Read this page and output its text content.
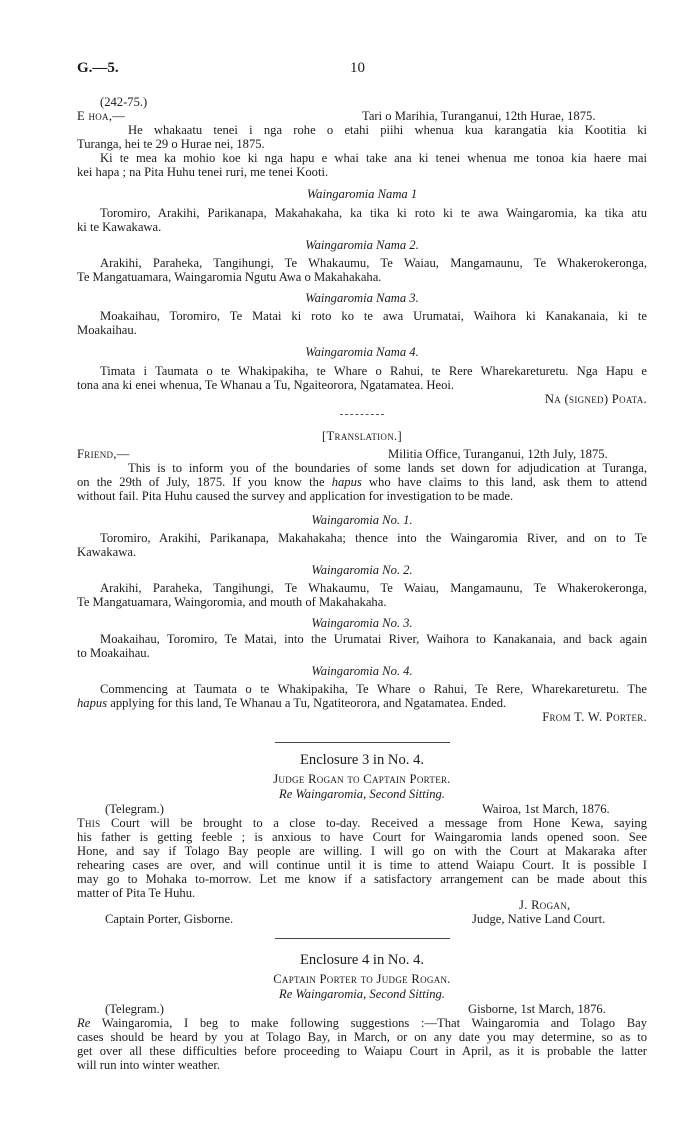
G.—5.	10
(242-75.)
E hoa,—	Tari o Marihia, Turanganui, 12th Hurae, 1875.
He whakaatu tenei i nga rohe o etahi piihi whenua kua karangatia kia Kootitia ki
Turanga, hei te 29 o Hurae nei, 1875.
Ki te mea ka mohio koe ki nga hapu e whai take ana ki tenei whenua me tonoa kia haere mai
kei hapa ; na Pita Huhu tenei ruri, me tenei Kooti.
Waingaromia Nama 1
Toromiro, Arakihi, Parikanapa, Makahakaha, ka tika ki roto ki te awa Waingaromia, ka tika atu
ki te Kawakawa.
Waingaromia Nama 2.
Arakihi, Paraheka, Tangihungi, Te Whakaumu, Te Waiau, Mangamaunu, Te Whakerokeronga,
Te Mangatuamara, Waingaromia Ngutu Awa o Makahakaha.
Waingaromia Nama 3.
Moakaihau, Toromiro, Te Matai ki roto ko te awa Urumatai, Waihora ki Kanakanaia, ki te
Moakaihau.
Waingaromia Nama 4.
Timata i Taumata o te Whakipakiha, te Whare o Rahui, te Rere Wharekareturetu. Nga Hapu e
tona ana ki enei whenua, Te Whanau a Tu, Ngaiteorora, Ngatamatea. Heoi.
Na (signed) Poata.
[Translation.]
Friend,—	Militia Office, Turanganui, 12th July, 1875.
This is to inform you of the boundaries of some lands set down for adjudication at Turanga,
on the 29th of July, 1875. If you know the hapus who have claims to this land, ask them to attend
without fail. Pita Huhu caused the survey and application for investigation to be made.
Waingaromia No. 1.
Toromiro, Arakihi, Parikanapa, Makahakaha; thence into the Waingaromia River, and on to Te
Kawakawa.
Waingaromia No. 2.
Arakihi, Paraheka, Tangihungi, Te Whakaumu, Te Waiau, Mangamaunu, Te Whakerokeronga,
Te Mangatuamara, Waingoromia, and mouth of Makahakaha.
Waingaromia No. 3.
Moakaihau, Toromiro, Te Matai, into the Urumatai River, Waihora to Kanakanaia, and back again
to Moakaihau.
Waingaromia No. 4.
Commencing at Taumata o te Whakipakiha, Te Whare o Rahui, Te Rere, Wharekareturetu. The
hapus applying for this land, Te Whanau a Tu, Ngatiteorora, and Ngatamatea. Ended.
From T. W. Porter.
Enclosure 3 in No. 4.
Judge Rogan to Captain Porter.
Re Waingaromia, Second Sitting.
(Telegram.)	Wairoa, 1st March, 1876.
This Court will be brought to a close to-day. Received a message from Hone Kewa, saying
his father is getting feeble ; is anxious to have Court for Waingaromia lands opened soon. See
Hone, and say if Tolago Bay people are willing. I will go on with the Court at Makaraka after
rehearing cases are over, and will continue until it is time to attend Waiapu Court. It is possible I
may go to Mohaka to-morrow. Let me know if a satisfactory arrangement can be made about this
matter of Pita Te Huhu.
J. Rogan,
Judge, Native Land Court.
Captain Porter, Gisborne.
Enclosure 4 in No. 4.
Captain Porter to Judge Rogan.
Re Waingaromia, Second Sitting.
(Telegram.)	Gisborne, 1st March, 1876.
Re Waingaromia, I beg to make following suggestions :—That Waingaromia and Tolago Bay
cases should be heard by you at Tolago Bay, in March, or on any date you may determine, so as to
get over all these difficulties before proceeding to Waiapu Court in April, as it is probable the latter
will run into winter weather.
